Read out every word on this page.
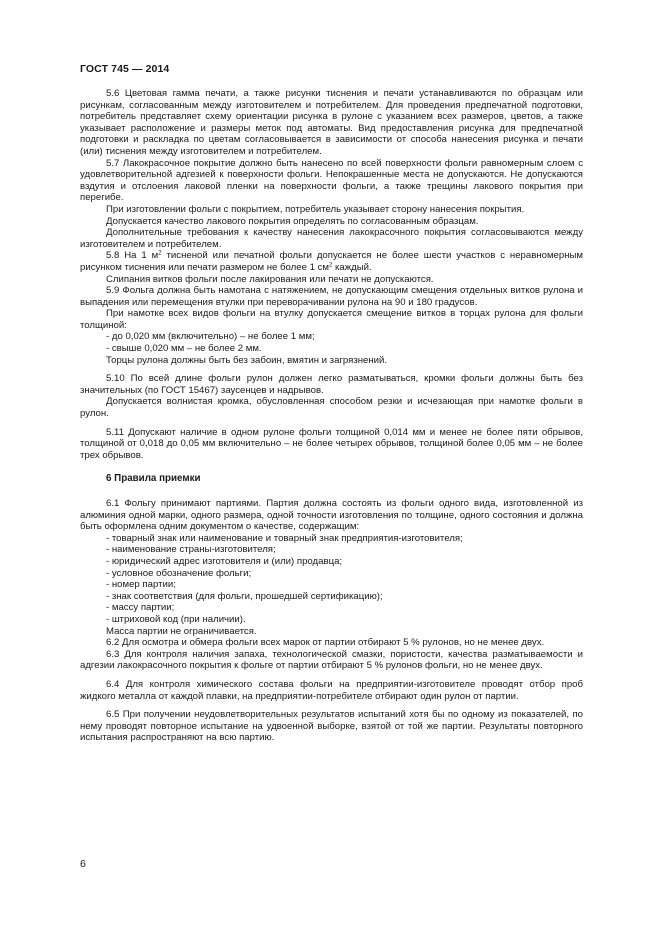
ГОСТ 745 — 2014

5.6 Цветовая гамма печати, а также рисунки тиснения и печати устанавливаются по образцам или рисункам, согласованным между изготовителем и потребителем. Для проведения предпечатной подготовки, потребитель представляет схему ориентации рисунка в рулоне с указанием всех размеров, цветов, а также указывает расположение и размеры меток под автоматы. Вид предоставления рисунка для предпечатной подготовки и раскладка по цветам согласовывается в зависимости от способа нанесения рисунка и печати (или) тиснения между изготовителем и потребителем.

5.7 Лакокрасочное покрытие должно быть нанесено по всей поверхности фольги равномерным слоем с удовлетворительной адгезией к поверхности фольги. Непокрашенные места не допускаются. Не допускаются вздутия и отслоения лаковой пленки на поверхности фольги, а также трещины лакового покрытия при перегибе.

При изготовлении фольги с покрытием, потребитель указывает сторону нанесения покрытия.

Допускается качество лакового покрытия определять по согласованным образцам.

Дополнительные требования к качеству нанесения лакокрасочного покрытия согласовываются между изготовителем и потребителем.

5.8 На 1 $м^2$ тисненой или печатной фольги допускается не более шести участков с неравномерным рисунком тиснения или печати размером не более 1 $см^2$ каждый.

Слипания витков фольги после лакирования или печати не допускаются.

5.9 Фольга должна быть намотана с натяжением, не допускающим смещения отдельных витков рулона и выпадения или перемещения втулки при переворачивании рулона на 90 и 180 градусов.

При намотке всех видов фольги на втулку допускается смещение витков в торцах рулона для фольги толщиной:

- до 0,020 мм (включительно) – не более 1 мм;

- свыше 0,020 мм – не более 2 мм.

Торцы рулона должны быть без забоин, вмятин и загрязнений.

5.10 По всей длине фольги рулон должен легко разматываться, кромки фольги должны быть без значительных (по ГОСТ 15467) заусенцев и надрывов.

Допускается волнистая кромка, обусловленная способом резки и исчезающая при намотке фольги в рулон.

5.11 Допускают наличие в одном рулоне фольги толщиной 0,014 мм и менее не более пяти обрывов, толщиной от 0,018 до 0,05 мм включительно – не более четырех обрывов, толщиной более 0,05 мм – не более трех обрывов.

6 Правила приемки

6.1 Фольгу принимают партиями. Партия должна состоять из фольги одного вида, изготовленной из алюминия одной марки, одного размера, одной точности изготовления по толщине, одного состояния и должна быть оформлена одним документом о качестве, содержащим:

- товарный знак или наименование и товарный знак предприятия-изготовителя;

- наименование страны-изготовителя;

- юридический адрес изготовителя и (или) продавца;

- условное обозначение фольги;

- номер партии;

- знак соответствия (для фольги, прошедшей сертификацию);

- массу партии;

- штриховой код (при наличии).

Масса партии не ограничивается.

6.2 Для осмотра и обмера фольги всех марок от партии отбирают 5 % рулонов, но не менее двух.

6.3 Для контроля наличия запаха, технологической смазки, пористости, качества разматываемости и адгезии лакокрасочного покрытия к фольге от партии отбирают 5 % рулонов фольги, но не менее двух.

6.4 Для контроля химического состава фольги на предприятии-изготовителе проводят отбор проб жидкого металла от каждой плавки, на предприятии-потребителе отбирают один рулон от партии.

6.5 При получении неудовлетворительных результатов испытаний хотя бы по одному из показателей, по нему проводят повторное испытание на удвоенной выборке, взятой от той же партии. Результаты повторного испытания распространяют на всю партию.

6
